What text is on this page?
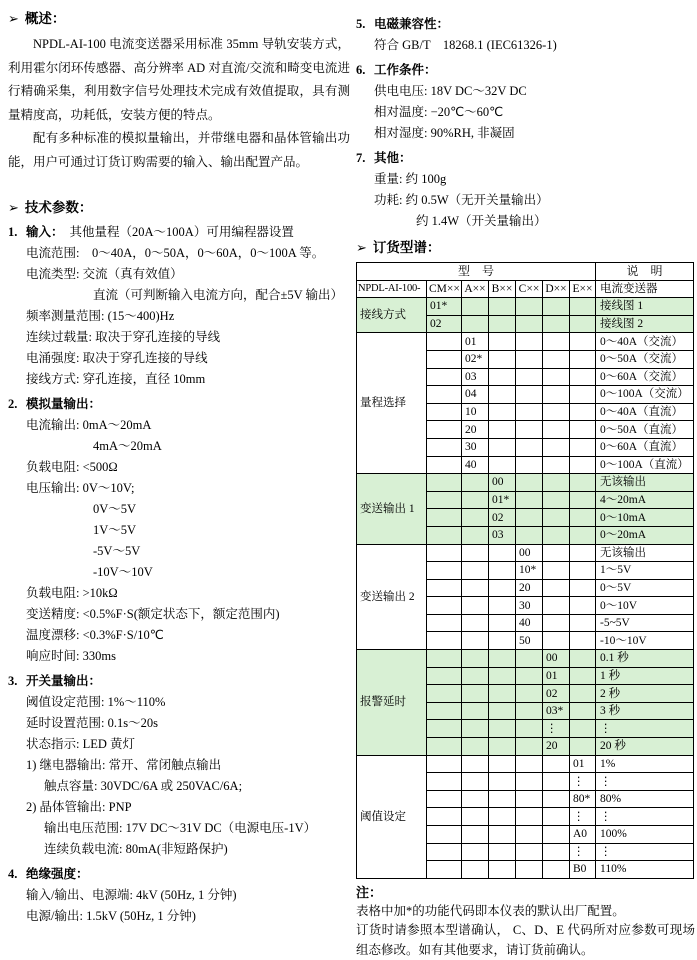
➢ 概述：

NPDL-AI-100 电流变送器采用标准 35mm 导轨安装方式，利用霍尔闭环传感器、高分辨率 AD 对直流/交流和畸变电流进行精确采集，利用数字信号处理技术完成有效值提取，具有测量精度高，功耗低，安装方便的特点。

配有多种标准的模拟量输出，并带继电器和晶体管输出功能，用户可通过订货订购需要的输入、输出配置产品。

➢ 技术参数：
1. 输入： 其他量程（20A～100A）可用编程器设置
电流范围:　0～40A，0～50A，0～60A，0～100A 等。
电流类型: 交流（真有效值）
直流（可判断输入电流方向，配合±5V 输出）
频率测量范围: (15～400)Hz
连续过载量: 取决于穿孔连接的导线
电涌强度: 取决于穿孔连接的导线
接线方式: 穿孔连接，直径 10mm
2. 模拟量输出：
电流输出: 0mA～20mA
4mA～20mA
负载电阻: <500Ω
电压输出: 0V～10V;
0V～5V
1V～5V
-5V～5V
-10V～10V
负载电阻: >10kΩ
变送精度: <0.5%F·S(额定状态下，额定范围内)
温度漂移: <0.3%F·S/10℃
响应时间: 330ms
3. 开关量输出：
阈值设定范围: 1%～110%
延时设置范围: 0.1s～20s
状态指示: LED 黄灯
1) 继电器输出: 常开、常闭触点输出
触点容量: 30VDC/6A 或 250VAC/6A;
2) 晶体管输出: PNP
输出电压范围: 17V DC～31V DC（电源电压-1V）
连续负载电流: 80mA(非短路保护)
4. 绝缘强度：
输入/输出、电源端: 4kV (50Hz, 1 分钟)
电源/输出: 1.5kV (50Hz, 1 分钟)
5. 电磁兼容性：
符合 GB/T　18268.1 (IEC61326-1)
6. 工作条件：
供电电压: 18V DC～32V DC
相对温度: −20℃～60℃
相对湿度: 90%RH, 非凝固
7. 其他：
重量: 约 100g
功耗: 约 0.5W（无开关量输出）
约 1.4W（开关量输出）
➢ 订货型谱：
型　号							说　明
NPDL-AI-100-	CM××	A××	B××	C××	D××	E××	电流变送器
接线方式	01*						接线图 1
	02						接线图 2
量程选择		01					0～40A（交流）
		02*					0～50A（交流）
		03					0～60A（交流）
		04					0～100A（交流）
		10					0～40A（直流）
		20					0～50A（直流）
		30					0～60A（直流）
		40					0～100A（直流）
变送输出 1			00				无该输出
			01*				4～20mA
			02				0～10mA
			03				0～20mA
变送输出 2				00			无该输出
				10*			1～5V
				20			0～5V
				30			0～10V
				40			-5~5V
				50			-10～10V
报警延时					00		0.1 秒
					01		1 秒
					02		2 秒
					03*		3 秒
					⋮		⋮
					20		20 秒
阈值设定						01	1%
						⋮	⋮
						80*	80%
						⋮	⋮
						A0	100%
						⋮	⋮
						B0	110%
注：
表格中加*的功能代码即本仪表的默认出厂配置。
订货时请参照本型谱确认， C、D、E 代码所对应参数可现场组态修改。如有其他要求，请订货前确认。
